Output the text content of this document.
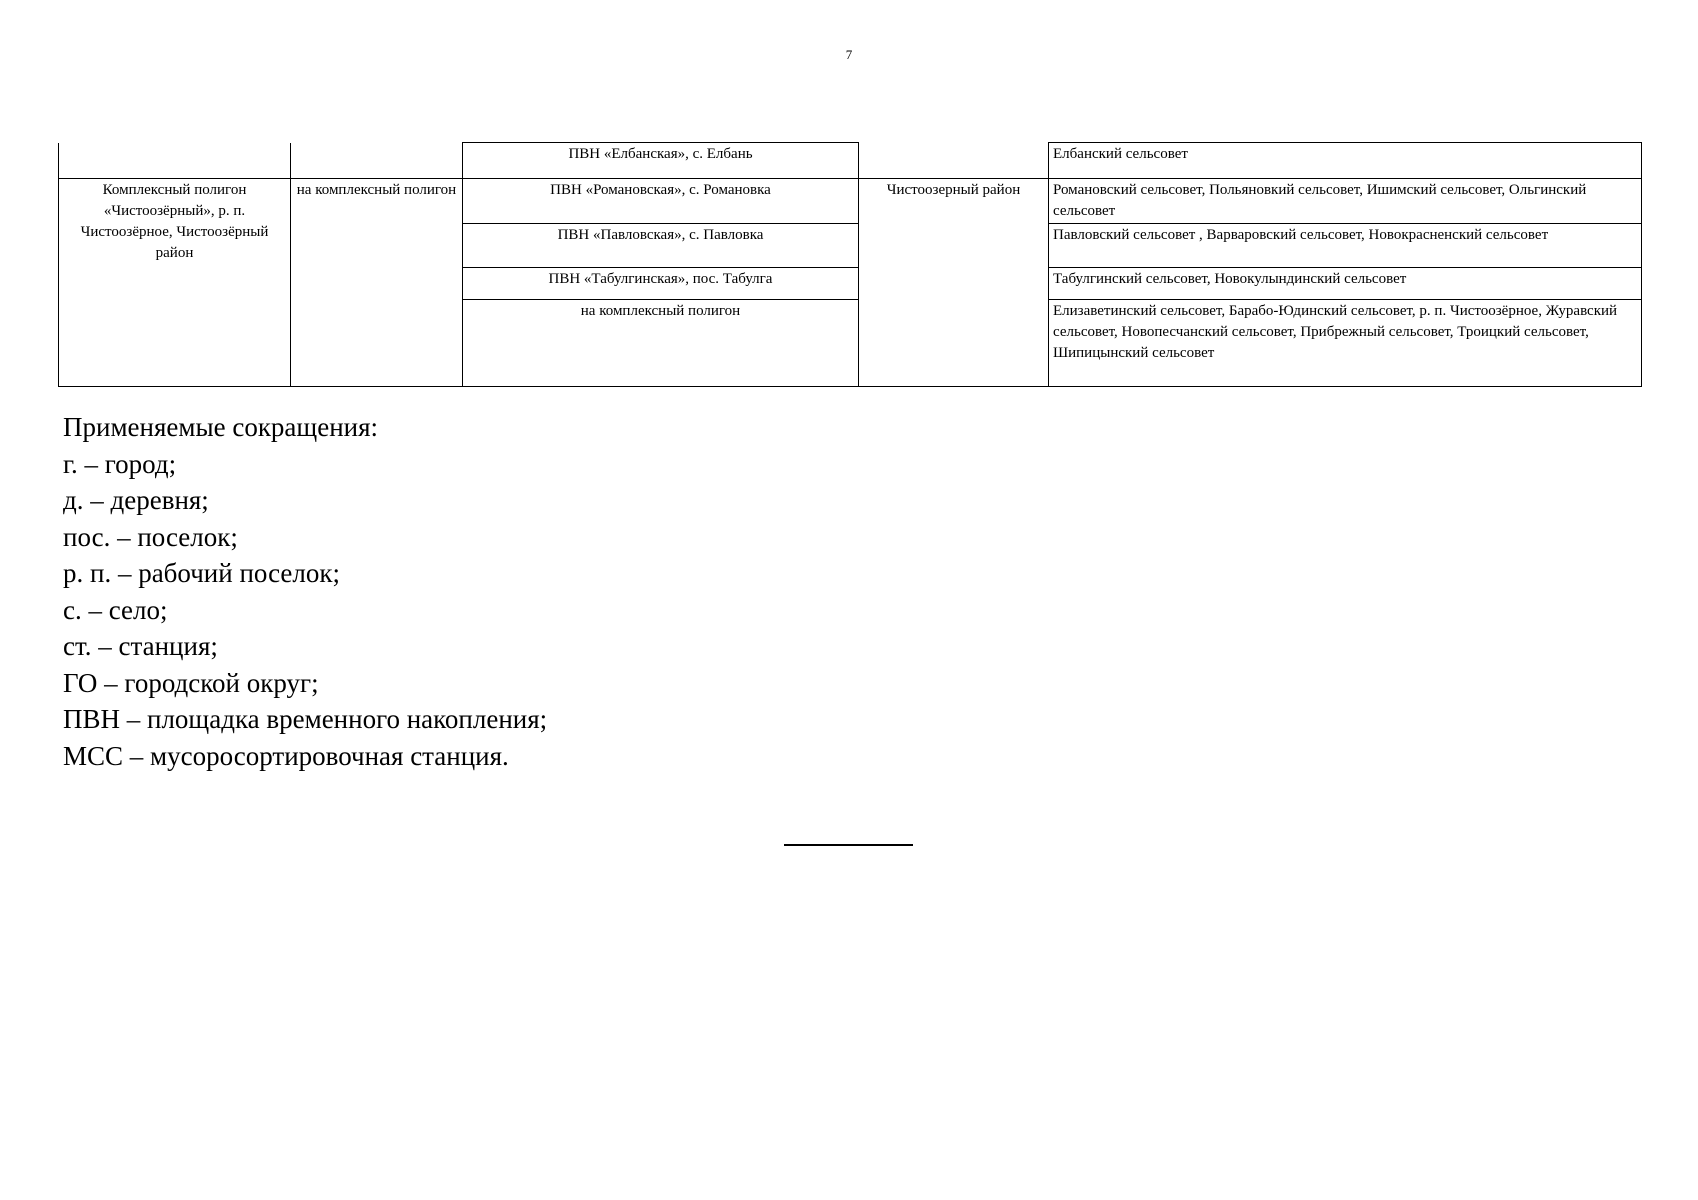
7
		ПВН «Елбанская», с. Елбань		Елбанский сельсовет
Комплексный полигон «Чистоозёрный», р. п. Чистоозёрное, Чистоозёрный район	на комплексный полигон	ПВН «Романовская», с. Романовка	Чистоозерный район	Романовский сельсовет, Польяновкий сельсовет, Ишимский сельсовет, Ольгинский сельсовет
		ПВН «Павловская», с. Павловка		Павловский сельсовет , Варваровский сельсовет, Новокрасненский сельсовет
		ПВН «Табулгинская», пос. Табулга		Табулгинский сельсовет, Новокулындинский сельсовет
		на комплексный полигон		Елизаветинский сельсовет, Барабо-Юдинский сельсовет, р. п. Чистоозёрное, Журавский сельсовет, Новопесчанский сельсовет, Прибрежный сельсовет, Троицкий сельсовет, Шипицынский сельсовет
Применяемые сокращения:
г. – город;
д. – деревня;
пос. – поселок;
р. п. – рабочий поселок;
с. – село;
ст. – станция;
ГО – городской округ;
ПВН – площадка временного накопления;
МСС – мусоросортировочная станция.
